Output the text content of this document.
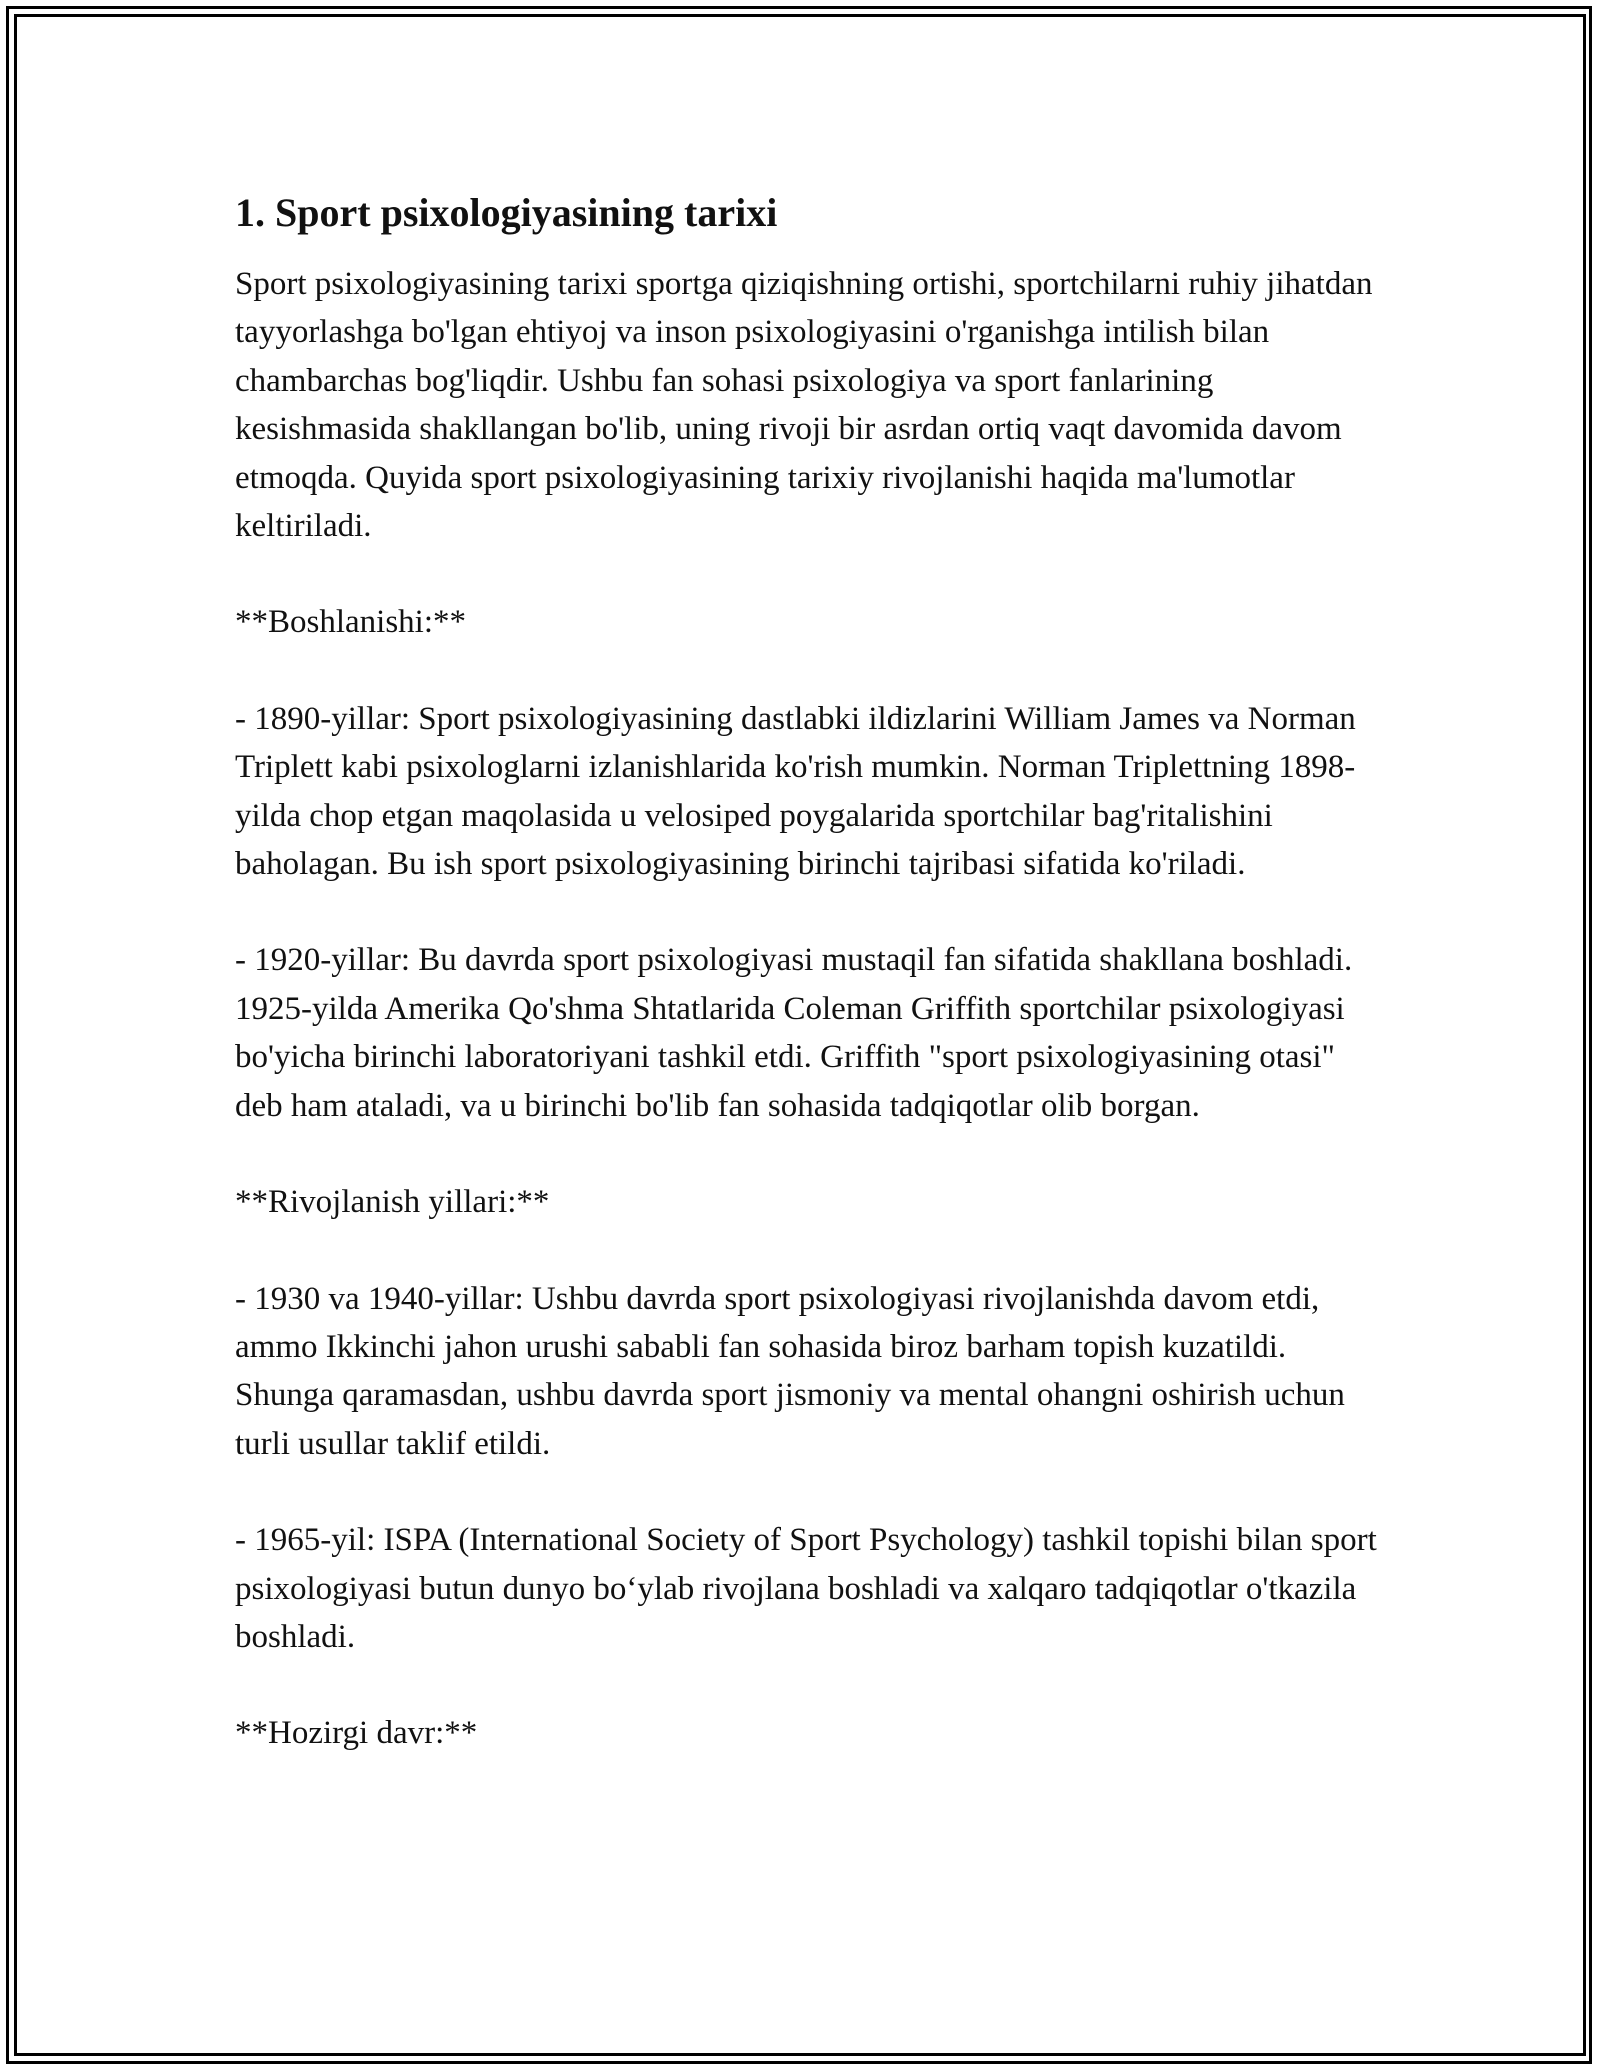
1. Sport psixologiyasining tarixi

Sport psixologiyasining tarixi sportga qiziqishning ortishi, sportchilarni ruhiy jihatdan tayyorlashga bo'lgan ehtiyoj va inson psixologiyasini o'rganishga intilish bilan chambarchas bog'liqdir. Ushbu fan sohasi psixologiya va sport fanlarining kesishmasida shakllangan bo'lib, uning rivoji bir asrdan ortiq vaqt davomida davom etmoqda. Quyida sport psixologiyasining tarixiy rivojlanishi haqida ma'lumotlar keltiriladi.

**Boshlanishi:**

- 1890-yillar: Sport psixologiyasining dastlabki ildizlarini William James va Norman Triplett kabi psixologlarni izlanishlarida ko'rish mumkin. Norman Triplettning 1898-yilda chop etgan maqolasida u velosiped poygalarida sportchilar bag'ritalishini baholagan. Bu ish sport psixologiyasining birinchi tajribasi sifatida ko'riladi.

- 1920-yillar: Bu davrda sport psixologiyasi mustaqil fan sifatida shakllana boshladi. 1925-yilda Amerika Qo'shma Shtatlarida Coleman Griffith sportchilar psixologiyasi bo'yicha birinchi laboratoriyani tashkil etdi. Griffith "sport psixologiyasining otasi" deb ham ataladi, va u birinchi bo'lib fan sohasida tadqiqotlar olib borgan.

**Rivojlanish yillari:**

- 1930 va 1940-yillar: Ushbu davrda sport psixologiyasi rivojlanishda davom etdi, ammo Ikkinchi jahon urushi sababli fan sohasida biroz barham topish kuzatildi. Shunga qaramasdan, ushbu davrda sport jismoniy va mental ohangni oshirish uchun turli usullar taklif etildi.

- 1965-yil: ISPA (International Society of Sport Psychology) tashkil topishi bilan sport psixologiyasi butun dunyo bo‘ylab rivojlana boshladi va xalqaro tadqiqotlar o'tkazila boshladi.

**Hozirgi davr:**
